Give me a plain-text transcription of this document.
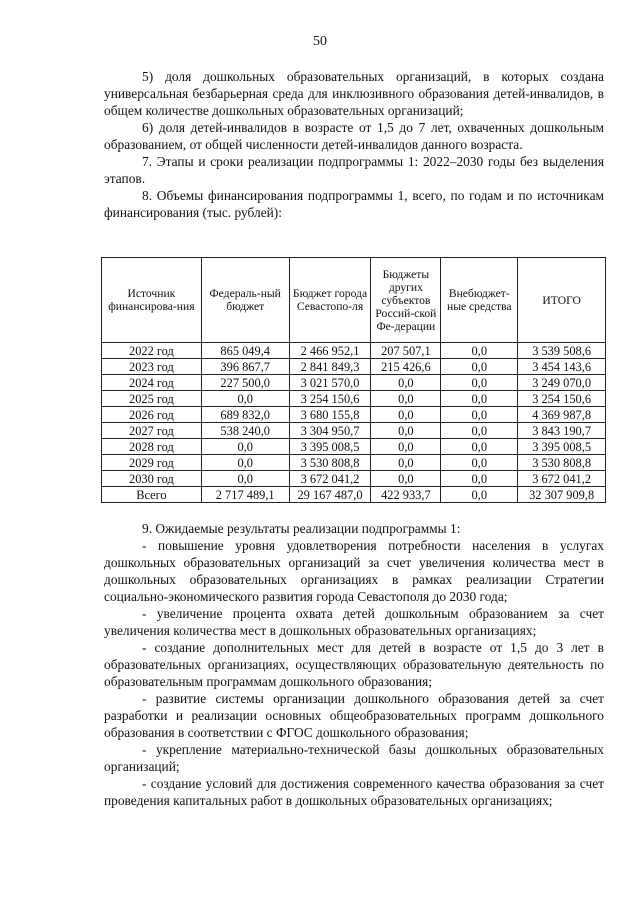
50

5) доля дошкольных образовательных организаций, в которых создана универсальная безбарьерная среда для инклюзивного образования детей-инвалидов, в общем количестве дошкольных образовательных организаций;

6) доля детей-инвалидов в возрасте от 1,5 до 7 лет, охваченных дошкольным образованием, от общей численности детей-инвалидов данного возраста.

7. Этапы и сроки реализации подпрограммы 1: 2022–2030 годы без выделения этапов.

8. Объемы финансирования подпрограммы 1, всего, по годам и по источникам финансирования (тыс. рублей):

Источник финансирова-ния	Федераль-ный бюджет	Бюджет города Севастопо-ля	Бюджеты других субъектов Россий-ской Фе-дерации	Внебюджет-ные средства	ИТОГО
2022 год	865 049,4	2 466 952,1	207 507,1	0,0	3 539 508,6
2023 год	396 867,7	2 841 849,3	215 426,6	0,0	3 454 143,6
2024 год	227 500,0	3 021 570,0	0,0	0,0	3 249 070,0
2025 год	0,0	3 254 150,6	0,0	0,0	3 254 150,6
2026 год	689 832,0	3 680 155,8	0,0	0,0	4 369 987,8
2027 год	538 240,0	3 304 950,7	0,0	0,0	3 843 190,7
2028 год	0,0	3 395 008,5	0,0	0,0	3 395 008,5
2029 год	0,0	3 530 808,8	0,0	0,0	3 530 808,8
2030 год	0,0	3 672 041,2	0,0	0,0	3 672 041,2
Всего	2 717 489,1	29 167 487,0	422 933,7	0,0	32 307 909,8

9. Ожидаемые результаты реализации подпрограммы 1:

- повышение уровня удовлетворения потребности населения в услугах дошкольных образовательных организаций за счет увеличения количества мест в дошкольных образовательных организациях в рамках реализации Стратегии социально-экономического развития города Севастополя до 2030 года;

- увеличение процента охвата детей дошкольным образованием за счет увеличения количества мест в дошкольных образовательных организациях;

- создание дополнительных мест для детей в возрасте от 1,5 до 3 лет в образовательных организациях, осуществляющих образовательную деятельность по образовательным программам дошкольного образования;

- развитие системы организации дошкольного образования детей за счет разработки и реализации основных общеобразовательных программ дошкольного образования в соответствии с ФГОС дошкольного образования;

- укрепление материально-технической базы дошкольных образовательных организаций;

- создание условий для достижения современного качества образования за счет проведения капитальных работ в дошкольных образовательных организациях;
